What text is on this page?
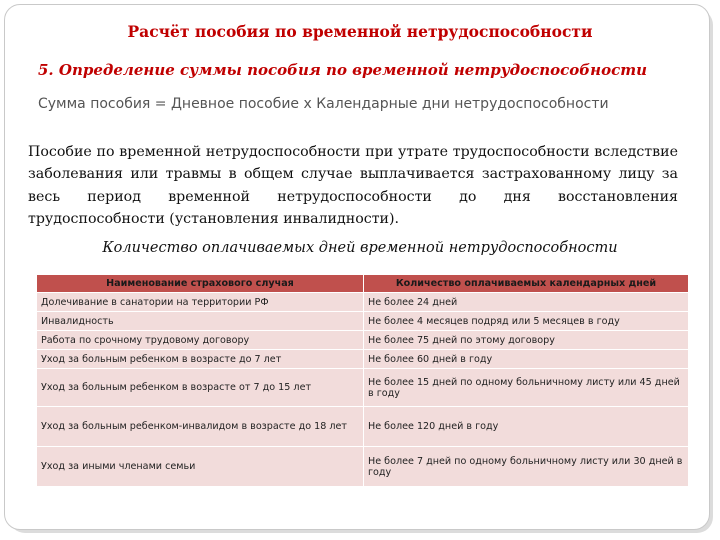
Расчёт пособия по временной нетрудоспособности
5. Определение суммы пособия по временной нетрудоспособности
Сумма пособия = Дневное пособие х Календарные дни нетрудоспособности
Пособие по временной нетрудоспособности при утрате трудоспособности вследствие заболевания или травмы в общем случае выплачивается застрахованному лицу за весь период временной нетрудоспособности до дня восстановления трудоспособности (установления инвалидности).
Количество оплачиваемых дней временной нетрудоспособности
Наименование страхового случая	Количество оплачиваемых календарных дней
Долечивание в санатории на территории РФ	Не более 24 дней
Инвалидность	Не более 4 месяцев подряд или 5 месяцев в году
Работа по срочному трудовому договору	Не более 75 дней по этому договору
Уход за больным ребенком в возрасте до 7 лет	Не более 60 дней в году
Уход за больным ребенком в возрасте от 7 до 15 лет	Не более 15 дней по одному больничному листу или 45 дней в году
Уход за больным ребенком-инвалидом в возрасте до 18 лет	Не более 120 дней в году
Уход за иными членами семьи	Не более 7 дней по одному больничному листу или 30 дней в году
